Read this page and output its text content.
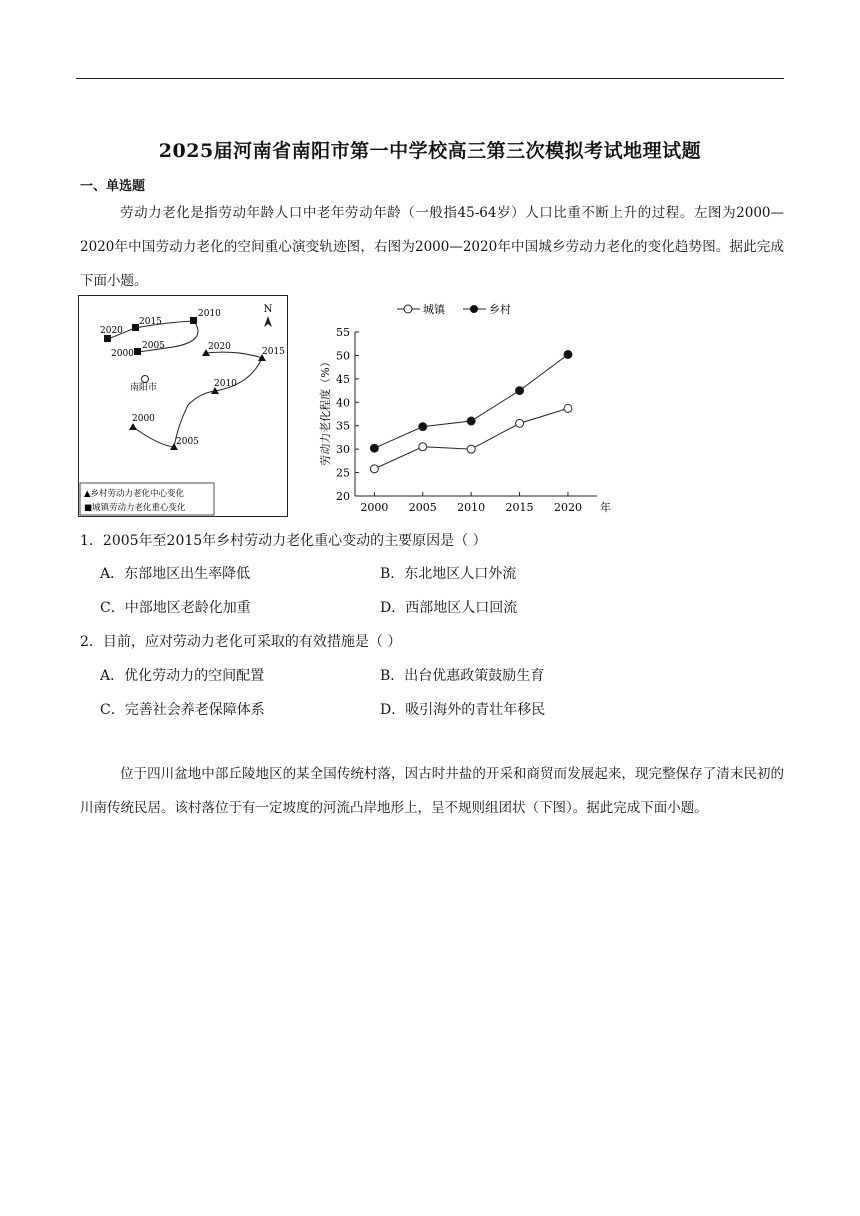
2025届河南省南阳市第一中学校高三第三次模拟考试地理试题
一、单选题
劳动力老化是指劳动年龄人口中老年劳动年龄（一般指45-64岁）人口比重不断上升的过程。左图为2000—2020年中国劳动力老化的空间重心演变轨迹图，右图为2000—2020年中国城乡劳动力老化的变化趋势图。据此完成下面小题。
N
2020
2015
2010
2005
2000
南阳市
2000
2005
2010
2015
2020
▲乡村劳动力老化中心变化
■城镇劳动力老化重心变化
城镇	乡村
劳动力老化程度（%）
20
25
30
35
40
45
50
55
2000 2005 2010 2015 2020 年
1．2005年至2015年乡村劳动力老化重心变动的主要原因是（ ）
A．东部地区出生率降低	B．东北地区人口外流
C．中部地区老龄化加重	D．西部地区人口回流
2．目前，应对劳动力老化可采取的有效措施是（ ）
A．优化劳动力的空间配置	B．出台优惠政策鼓励生育
C．完善社会养老保障体系	D．吸引海外的青壮年移民
位于四川盆地中部丘陵地区的某全国传统村落，因古时井盐的开采和商贸而发展起来，现完整保存了清末民初的川南传统民居。该村落位于有一定坡度的河流凸岸地形上，呈不规则组团状（下图）。据此完成下面小题。
